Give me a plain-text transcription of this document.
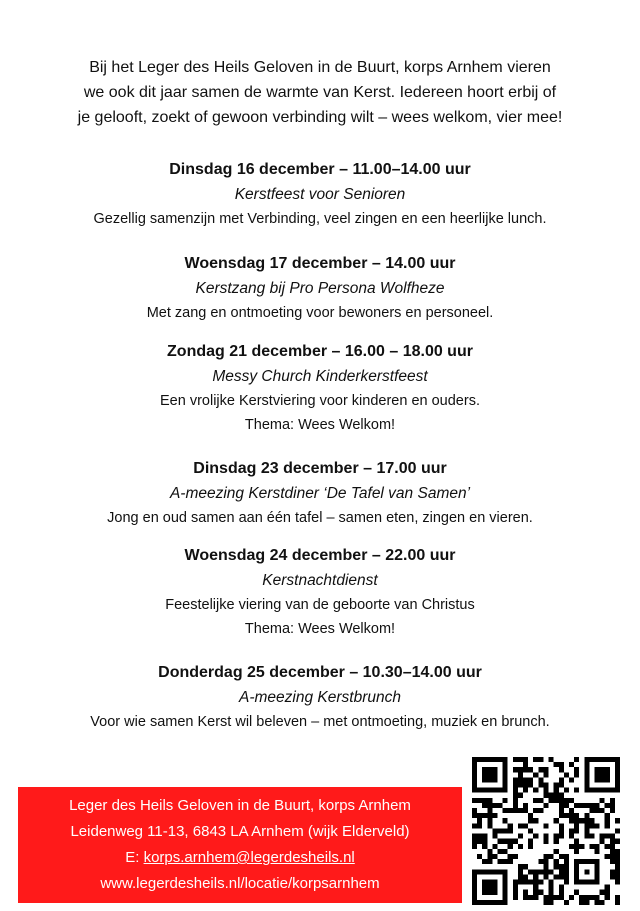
Bij het Leger des Heils Geloven in de Buurt, korps Arnhem vieren
we ook dit jaar samen de warmte van Kerst. Iedereen hoort erbij of
je gelooft, zoekt of gewoon verbinding wilt – wees welkom, vier mee!
Dinsdag 16 december – 11.00–14.00 uur
Kerstfeest voor Senioren
Gezellig samenzijn met Verbinding, veel zingen en een heerlijke lunch.
Woensdag 17 december – 14.00 uur
Kerstzang bij Pro Persona Wolfheze
Met zang en ontmoeting voor bewoners en personeel.
Zondag 21 december – 16.00 – 18.00 uur
Messy Church Kinderkerstfeest
Een vrolijke Kerstviering voor kinderen en ouders.
Thema: Wees Welkom!
Dinsdag 23 december – 17.00 uur
A-meezing Kerstdiner ‘De Tafel van Samen’
Jong en oud samen aan één tafel – samen eten, zingen en vieren.
Woensdag 24 december – 22.00 uur
Kerstnachtdienst
Feestelijke viering van de geboorte van Christus
Thema: Wees Welkom!
Donderdag 25 december – 10.30–14.00 uur
A-meezing Kerstbrunch
Voor wie samen Kerst wil beleven – met ontmoeting, muziek en brunch.
Leger des Heils Geloven in de Buurt, korps Arnhem
Leidenweg 11-13, 6843 LA Arnhem (wijk Elderveld)
E: korps.arnhem@legerdesheils.nl
www.legerdesheils.nl/locatie/korpsarnhem
